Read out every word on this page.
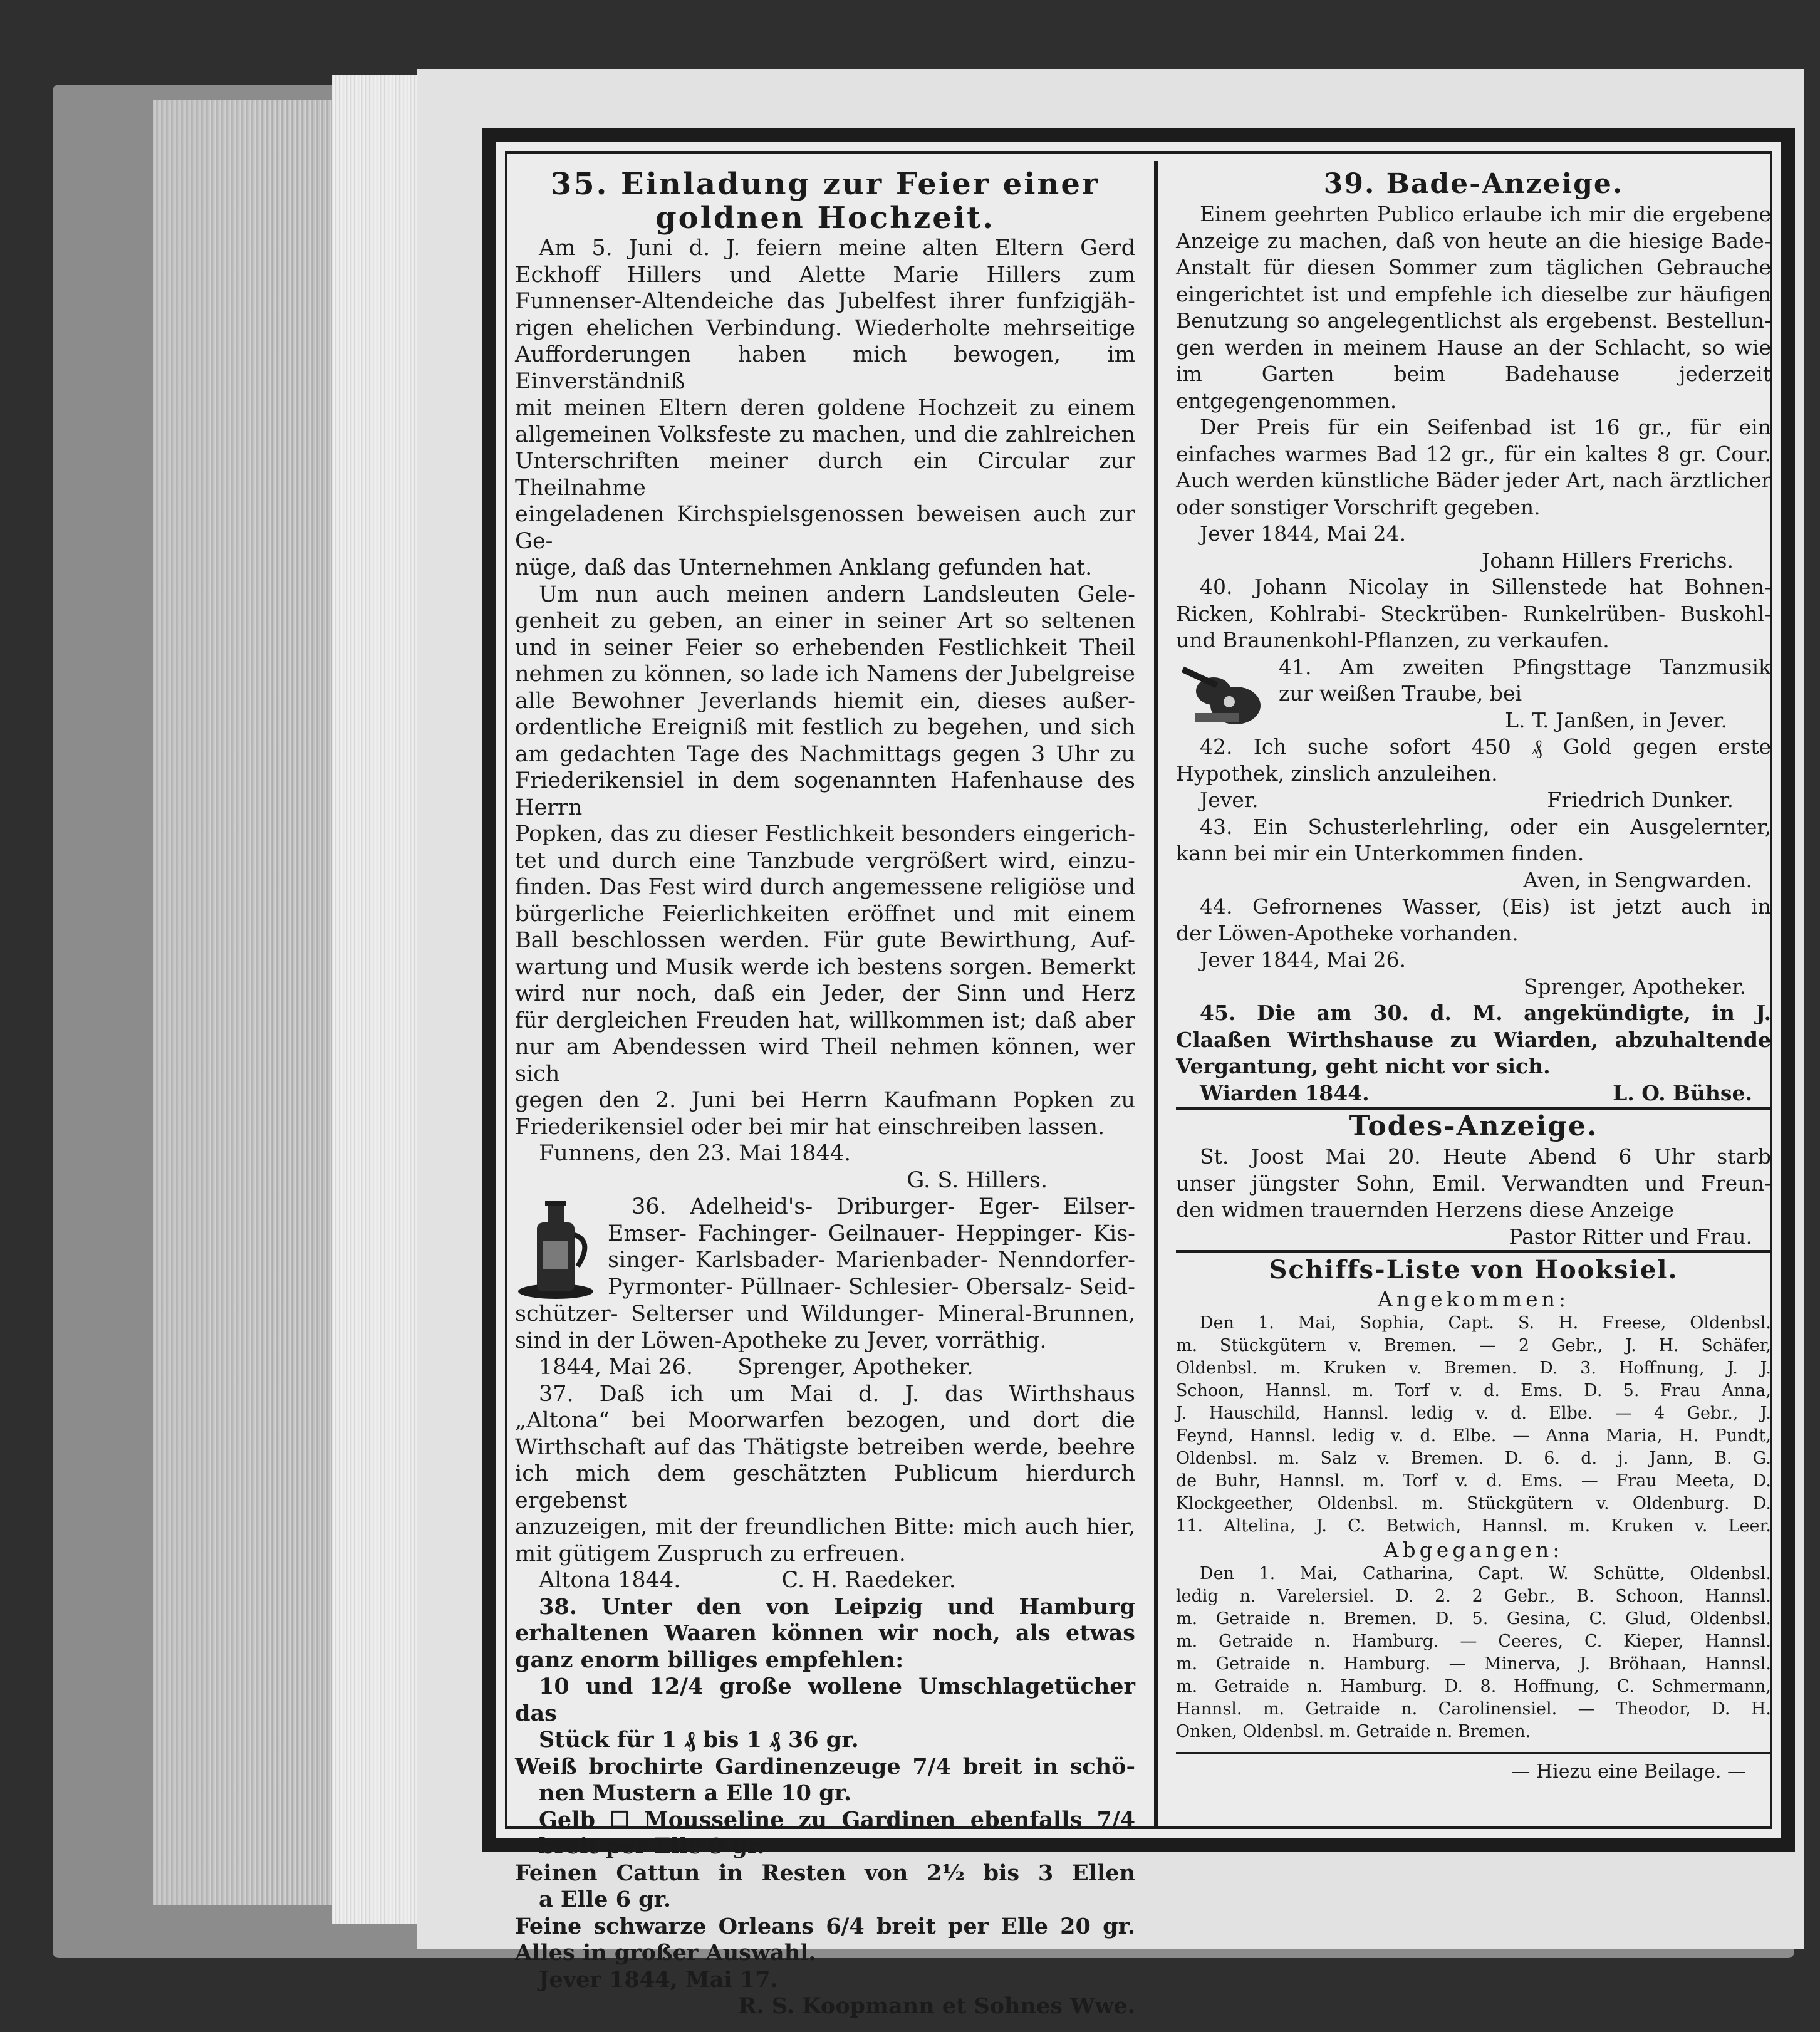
35. Einladung zur Feier einer
goldnen Hochzeit.
Am 5. Juni d. J. feiern meine alten Eltern Gerd
Eckhoff Hillers und Alette Marie Hillers zum
Funnenser-Altendeiche das Jubelfest ihrer funfzigjäh-
rigen ehelichen Verbindung. Wiederholte mehrseitige
Aufforderungen haben mich bewogen, im Einverständniß
mit meinen Eltern deren goldene Hochzeit zu einem
allgemeinen Volksfeste zu machen, und die zahlreichen
Unterschriften meiner durch ein Circular zur Theilnahme
eingeladenen Kirchspielsgenossen beweisen auch zur Ge-
nüge, daß das Unternehmen Anklang gefunden hat.
Um nun auch meinen andern Landsleuten Gele-
genheit zu geben, an einer in seiner Art so seltenen
und in seiner Feier so erhebenden Festlichkeit Theil
nehmen zu können, so lade ich Namens der Jubelgreise
alle Bewohner Jeverlands hiemit ein, dieses außer-
ordentliche Ereigniß mit festlich zu begehen, und sich
am gedachten Tage des Nachmittags gegen 3 Uhr zu
Friederikensiel in dem sogenannten Hafenhause des Herrn
Popken, das zu dieser Festlichkeit besonders eingerich-
tet und durch eine Tanzbude vergrößert wird, einzu-
finden. Das Fest wird durch angemessene religiöse und
bürgerliche Feierlichkeiten eröffnet und mit einem
Ball beschlossen werden. Für gute Bewirthung, Auf-
wartung und Musik werde ich bestens sorgen. Bemerkt
wird nur noch, daß ein Jeder, der Sinn und Herz
für dergleichen Freuden hat, willkommen ist; daß aber
nur am Abendessen wird Theil nehmen können, wer sich
gegen den 2. Juni bei Herrn Kaufmann Popken zu
Friederikensiel oder bei mir hat einschreiben lassen.
Funnens, den 23. Mai 1844.
G. S. Hillers.
36. Adelheid's- Driburger- Eger- Eilser-
Emser- Fachinger- Geilnauer- Heppinger- Kis-
singer- Karlsbader- Marienbader- Nenndorfer-
Pyrmonter- Püllnaer- Schlesier- Obersalz- Seid-
schützer- Selterser und Wildunger- Mineral-Brunnen,
sind in der Löwen-Apotheke zu Jever, vorräthig.
1844, Mai 26. Sprenger, Apotheker.
37. Daß ich um Mai d. J. das Wirthshaus
„Altona“ bei Moorwarfen bezogen, und dort die
Wirthschaft auf das Thätigste betreiben werde, beehre
ich mich dem geschätzten Publicum hierdurch ergebenst
anzuzeigen, mit der freundlichen Bitte: mich auch hier,
mit gütigem Zuspruch zu erfreuen.
Altona 1844.	C. H. Raedeker.
38. Unter den von Leipzig und Hamburg
erhaltenen Waaren können wir noch, als etwas
ganz enorm billiges empfehlen:
10 und 12/4 große wollene Umschlagetücher das
Stück für 1 ₰ bis 1 ₰ 36 gr.
Weiß brochirte Gardinenzeuge 7/4 breit in schö-
nen Mustern a Elle 10 gr.
Gelb ☐ Mousseline zu Gardinen ebenfalls 7/4
breit per Elle 9 gr.
Feinen Cattun in Resten von 2½ bis 3 Ellen
a Elle 6 gr.
Feine schwarze Orleans 6/4 breit per Elle 20 gr.
Alles in großer Auswahl.
Jever 1844, Mai 17.
R. S. Koopmann et Sohnes Wwe.
39. Bade-Anzeige.
Einem geehrten Publico erlaube ich mir die ergebene
Anzeige zu machen, daß von heute an die hiesige Bade-
Anstalt für diesen Sommer zum täglichen Gebrauche
eingerichtet ist und empfehle ich dieselbe zur häufigen
Benutzung so angelegentlichst als ergebenst. Bestellun-
gen werden in meinem Hause an der Schlacht, so wie
im Garten beim Badehause jederzeit entgegengenommen.
Der Preis für ein Seifenbad ist 16 gr., für ein
einfaches warmes Bad 12 gr., für ein kaltes 8 gr. Cour.
Auch werden künstliche Bäder jeder Art, nach ärztlicher
oder sonstiger Vorschrift gegeben.
Jever 1844, Mai 24.
Johann Hillers Frerichs.
40. Johann Nicolay in Sillenstede hat Bohnen-
Ricken, Kohlrabi- Steckrüben- Runkelrüben- Buskohl-
und Braunenkohl-Pflanzen, zu verkaufen.
41. Am zweiten Pfingsttage Tanzmusik
zur weißen Traube, bei
L. T. Janßen, in Jever.
42. Ich suche sofort 450 ₰ Gold gegen erste
Hypothek, zinslich anzuleihen.
Jever.	Friedrich Dunker.
43. Ein Schusterlehrling, oder ein Ausgelernter,
kann bei mir ein Unterkommen finden.
Aven, in Sengwarden.
44. Gefrornenes Wasser, (Eis) ist jetzt auch in
der Löwen-Apotheke vorhanden.
Jever 1844, Mai 26.
Sprenger, Apotheker.
45. Die am 30. d. M. angekündigte, in J.
Claaßen Wirthshause zu Wiarden, abzuhaltende
Vergantung, geht nicht vor sich.
Wiarden 1844.	L. O. Bühse.
Todes-Anzeige.
St. Joost Mai 20. Heute Abend 6 Uhr starb
unser jüngster Sohn, Emil. Verwandten und Freun-
den widmen trauernden Herzens diese Anzeige
Pastor Ritter und Frau.
Schiffs-Liste von Hooksiel.
Angekommen:
Den 1. Mai, Sophia, Capt. S. H. Freese, Oldenbsl.
m. Stückgütern v. Bremen. — 2 Gebr., J. H. Schäfer,
Oldenbsl. m. Kruken v. Bremen. D. 3. Hoffnung, J. J.
Schoon, Hannsl. m. Torf v. d. Ems. D. 5. Frau Anna,
J. Hauschild, Hannsl. ledig v. d. Elbe. — 4 Gebr., J.
Feynd, Hannsl. ledig v. d. Elbe. — Anna Maria, H. Pundt,
Oldenbsl. m. Salz v. Bremen. D. 6. d. j. Jann, B. G.
de Buhr, Hannsl. m. Torf v. d. Ems. — Frau Meeta, D.
Klockgeether, Oldenbsl. m. Stückgütern v. Oldenburg. D.
11. Altelina, J. C. Betwich, Hannsl. m. Kruken v. Leer.
Abgegangen:
Den 1. Mai, Catharina, Capt. W. Schütte, Oldenbsl.
ledig n. Varelersiel. D. 2. 2 Gebr., B. Schoon, Hannsl.
m. Getraide n. Bremen. D. 5. Gesina, C. Glud, Oldenbsl.
m. Getraide n. Hamburg. — Ceeres, C. Kieper, Hannsl.
m. Getraide n. Hamburg. — Minerva, J. Bröhaan, Hannsl.
m. Getraide n. Hamburg. D. 8. Hoffnung, C. Schmermann,
Hannsl. m. Getraide n. Carolinensiel. — Theodor, D. H.
Onken, Oldenbsl. m. Getraide n. Bremen.
— Hiezu eine Beilage. —
